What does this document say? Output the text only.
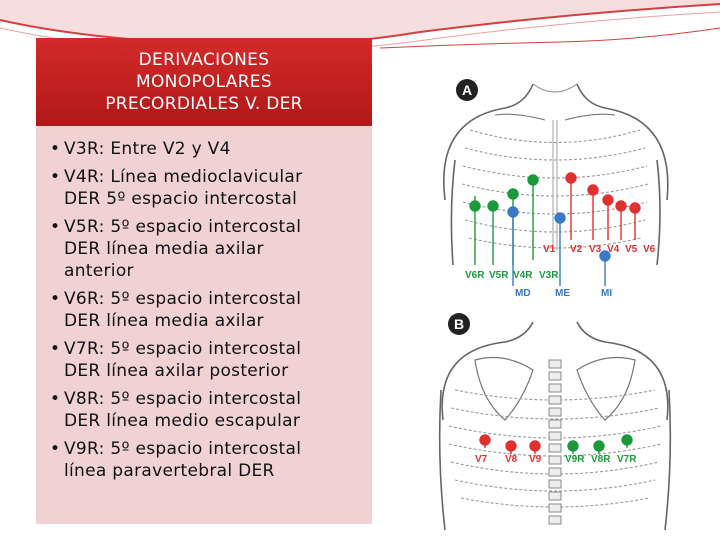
DERIVACIONES
MONOPOLARES
PRECORDIALES V. DER
• V3R: Entre V2 y V4
• V4R: Línea medioclavicular
DER 5º espacio intercostal
• V5R: 5º espacio intercostal
DER línea media axilar anterior
• V6R: 5º espacio intercostal
DER línea media axilar
• V7R: 5º espacio intercostal
DER línea axilar posterior
• V8R: 5º espacio intercostal
DER línea medio escapular
• V9R: 5º espacio intercostal
línea paravertebral DER
A
V1 V2 V3 V4 V5 V6
V6R V5R V4R V3R
MD ME	MI
B
V7 V8 V9 V9R V8R V7R
